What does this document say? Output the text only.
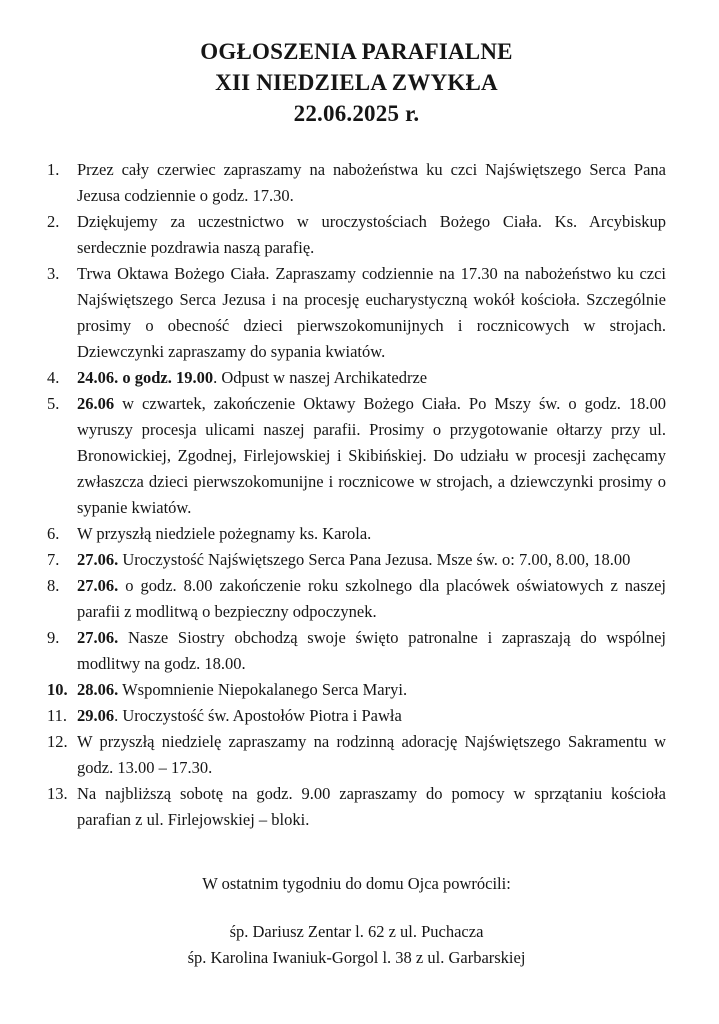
OGŁOSZENIA PARAFIALNE
XII NIEDZIELA ZWYKŁA
22.06.2025 r.
1.	Przez cały czerwiec zapraszamy na nabożeństwa ku czci Najświętszego Serca Pana Jezusa codziennie o godz. 17.30.
2.	Dziękujemy za uczestnictwo w uroczystościach Bożego Ciała. Ks. Arcybiskup serdecznie pozdrawia naszą parafię.
3.	Trwa Oktawa Bożego Ciała. Zapraszamy codziennie na 17.30 na nabożeństwo ku czci Najświętszego Serca Jezusa i na procesję eucharystyczną wokół kościoła. Szczególnie prosimy o obecność dzieci pierwszokomunijnych i rocznicowych w strojach. Dziewczynki zapraszamy do sypania kwiatów.
4.	24.06. o godz. 19.00. Odpust w naszej Archikatedrze
5.	26.06 w czwartek, zakończenie Oktawy Bożego Ciała. Po Mszy św. o godz. 18.00 wyruszy procesja ulicami naszej parafii. Prosimy o przygotowanie ołtarzy przy ul. Bronowickiej, Zgodnej, Firlejowskiej i Skibińskiej. Do udziału w procesji zachęcamy zwłaszcza dzieci pierwszokomunijne i rocznicowe w strojach, a dziewczynki prosimy o sypanie kwiatów.
6.	W przyszłą niedziele pożegnamy ks. Karola.
7.	27.06. Uroczystość Najświętszego Serca Pana Jezusa. Msze św. o: 7.00, 8.00, 18.00
8.	27.06. o godz. 8.00 zakończenie roku szkolnego dla placówek oświatowych z naszej parafii z modlitwą o bezpieczny odpoczynek.
9.	27.06. Nasze Siostry obchodzą swoje święto patronalne i zapraszają do wspólnej modlitwy na godz. 18.00.
10. 28.06. Wspomnienie Niepokalanego Serca Maryi.
11. 29.06. Uroczystość św. Apostołów Piotra i Pawła
12. W przyszłą niedzielę zapraszamy na rodzinną adorację Najświętszego Sakramentu w godz. 13.00 – 17.30.
13. Na najbliższą sobotę na godz. 9.00 zapraszamy do pomocy w sprzątaniu kościoła parafian z ul. Firlejowskiej – bloki.
W ostatnim tygodniu do domu Ojca powrócili:
śp. Dariusz Zentar l. 62 z ul. Puchacza
śp. Karolina Iwaniuk-Gorgol l. 38 z ul. Garbarskiej
